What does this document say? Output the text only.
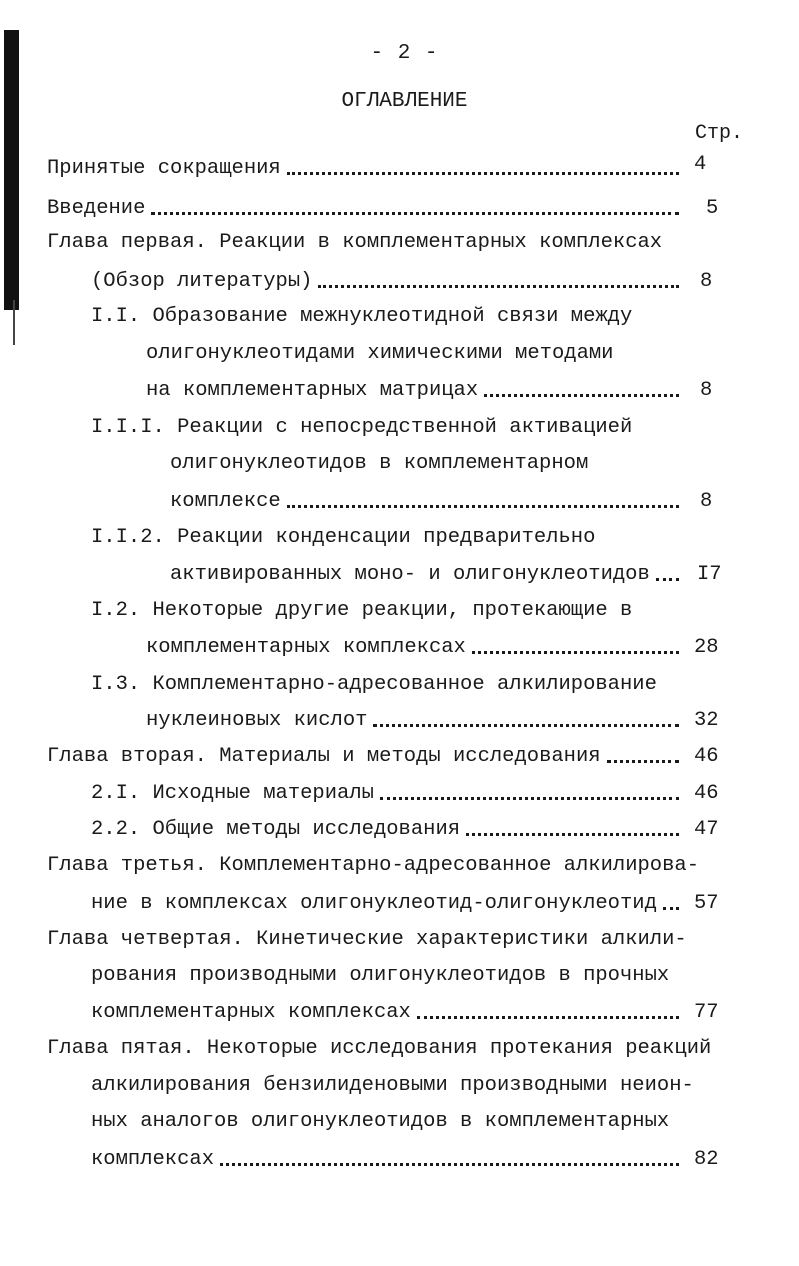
- 2 -
ОГЛАВЛЕНИЕ
Стр.
Принятые сокращения	4
Введение	5
Глава первая. Реакции в комплементарных комплексах
(Обзор литературы)	8
I.I. Образование межнуклеотидной связи между
олигонуклеотидами химическими методами
на комплементарных матрицах	8
I.I.I. Реакции с непосредственной активацией
олигонуклеотидов в комплементарном
комплексе	8
I.I.2. Реакции конденсации предварительно
активированных моно- и олигонуклеотидов I7
I.2. Некоторые другие реакции, протекающие в
комплементарных комплексах	28
I.3. Комплементарно-адресованное алкилирование
нуклеиновых кислот	32
Глава вторая. Материалы и методы исследования	46
2.I. Исходные материалы	46
2.2. Общие методы исследования	47
Глава третья. Комплементарно-адресованное алкилирова-
ние в комплексах олигонуклеотид-олигонуклеотид 57
Глава четвертая. Кинетические характеристики алкили-
рования производными олигонуклеотидов в прочных
комплементарных комплексах	77
Глава пятая. Некоторые исследования протекания реакций
алкилирования бензилиденовыми производными неион-
ных аналогов олигонуклеотидов в комплементарных
комплексах	82
